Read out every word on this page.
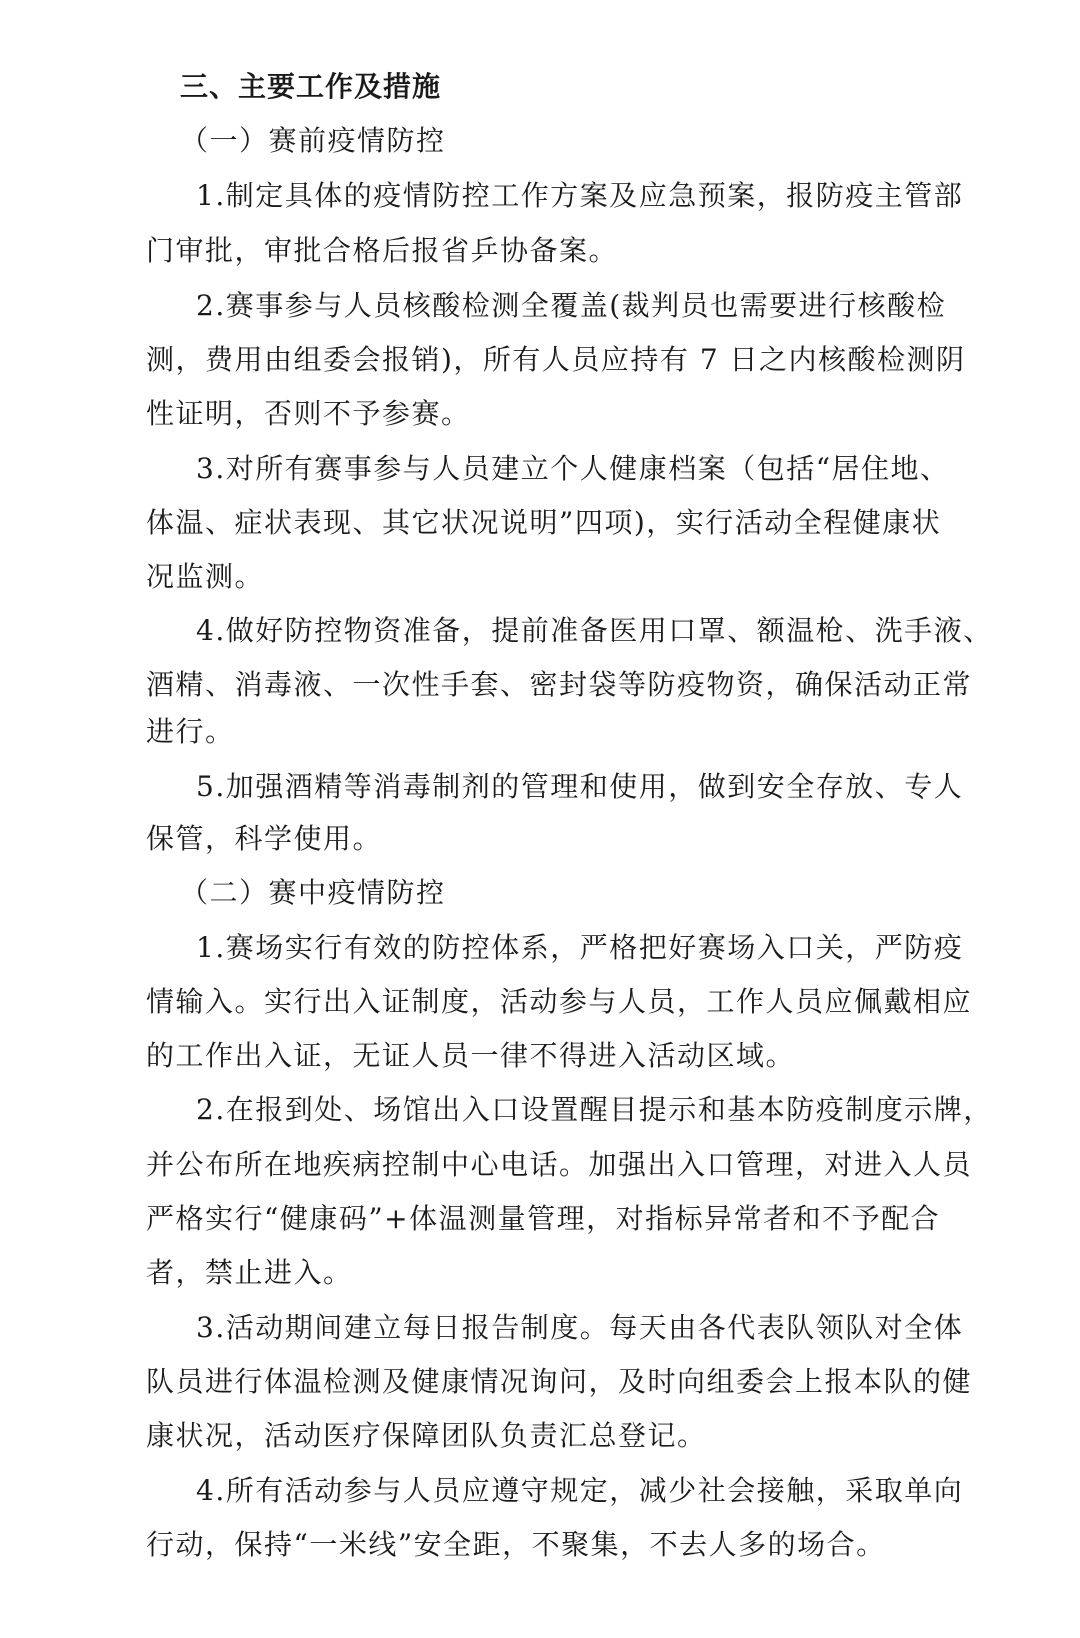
三、主要工作及措施
（一）赛前疫情防控
1.制定具体的疫情防控工作方案及应急预案，报防疫主管部
门审批，审批合格后报省乒协备案。
2.赛事参与人员核酸检测全覆盖(裁判员也需要进行核酸检
测，费用由组委会报销)，所有人员应持有 7 日之内核酸检测阴
性证明，否则不予参赛。
3.对所有赛事参与人员建立个人健康档案（包括“居住地、
体温、症状表现、其它状况说明”四项)，实行活动全程健康状
况监测。
4.做好防控物资准备，提前准备医用口罩、额温枪、洗手液、
酒精、消毒液、一次性手套、密封袋等防疫物资，确保活动正常
进行。
5.加强酒精等消毒制剂的管理和使用，做到安全存放、专人
保管，科学使用。
（二）赛中疫情防控
1.赛场实行有效的防控体系，严格把好赛场入口关，严防疫
情输入。实行出入证制度，活动参与人员，工作人员应佩戴相应
的工作出入证，无证人员一律不得进入活动区域。
2.在报到处、场馆出入口设置醒目提示和基本防疫制度示牌，
并公布所在地疾病控制中心电话。加强出入口管理，对进入人员
严格实行“健康码”+体温测量管理，对指标异常者和不予配合
者，禁止进入。
3.活动期间建立每日报告制度。每天由各代表队领队对全体
队员进行体温检测及健康情况询问，及时向组委会上报本队的健
康状况，活动医疗保障团队负责汇总登记。
4.所有活动参与人员应遵守规定，减少社会接触，采取单向
行动，保持“一米线”安全距，不聚集，不去人多的场合。
